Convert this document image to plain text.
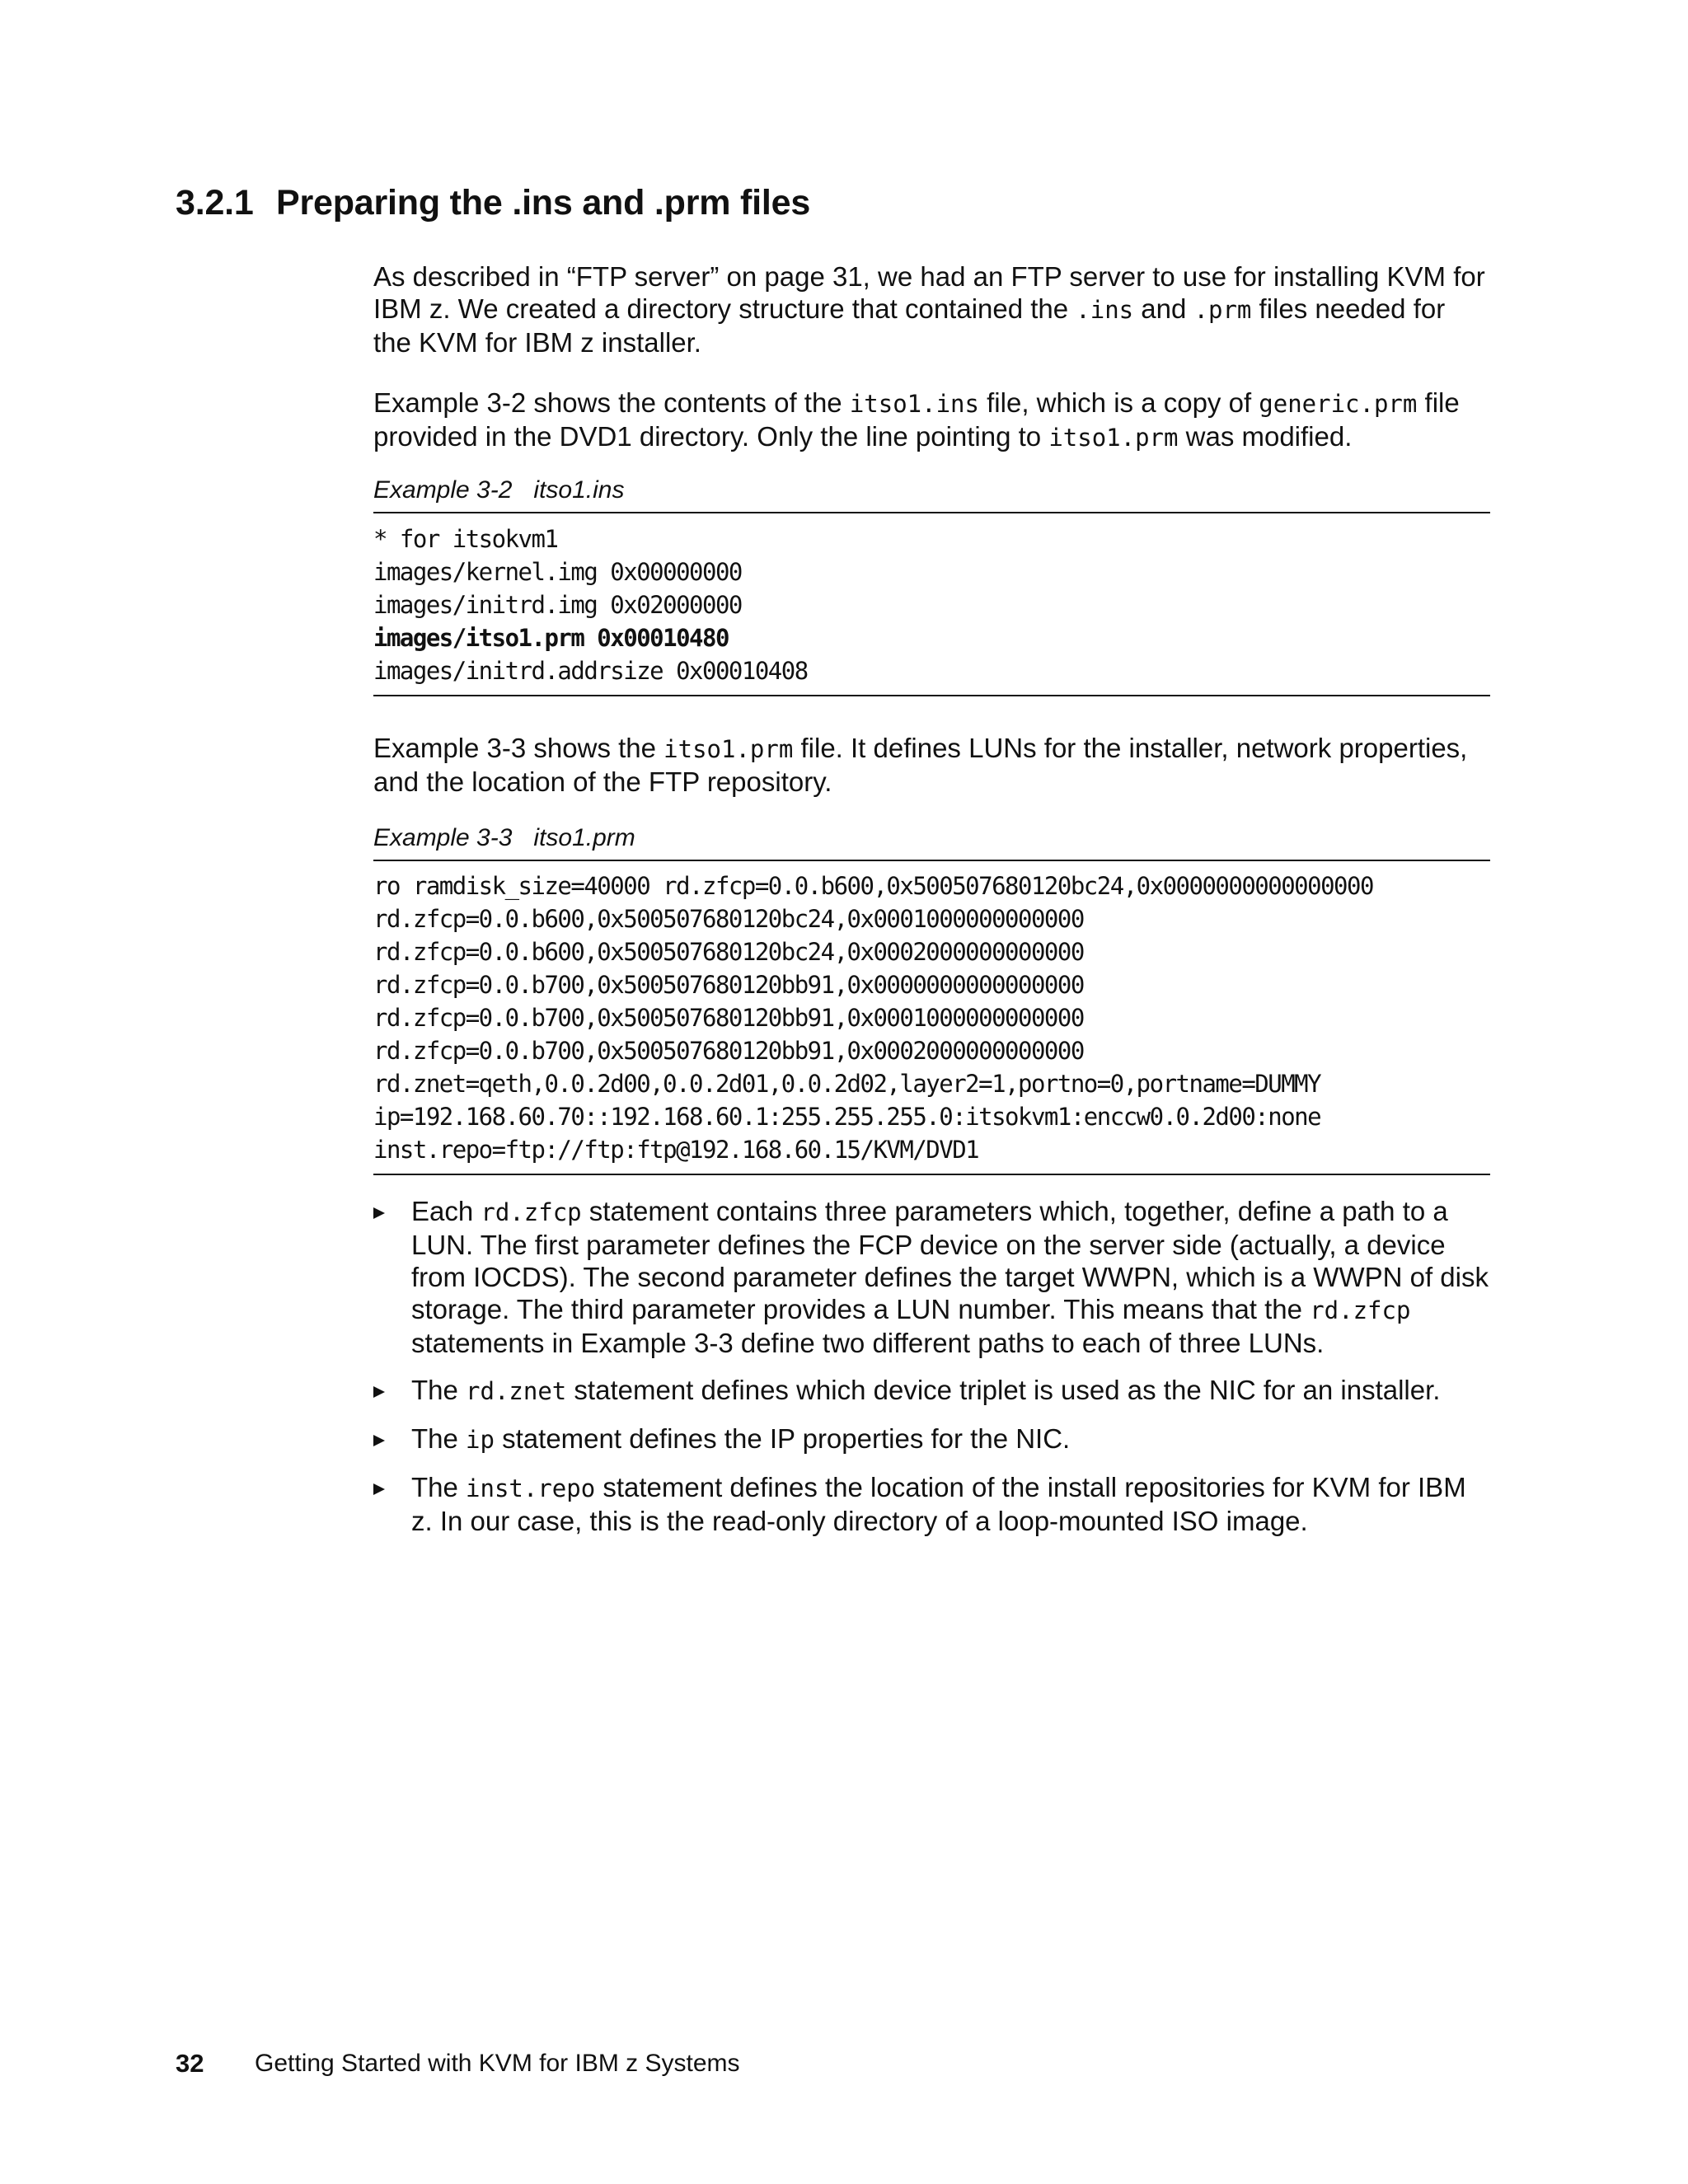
3.2.1 Preparing the .ins and .prm files

As described in “FTP server” on page 31, we had an FTP server to use for installing KVM for IBM z. We created a directory structure that contained the .ins and .prm files needed for the KVM for IBM z installer.

Example 3-2 shows the contents of the itso1.ins file, which is a copy of generic.prm file provided in the DVD1 directory. Only the line pointing to itso1.prm was modified.

Example 3-2 itso1.ins
* for itsokvm1
images/kernel.img 0x00000000
images/initrd.img 0x02000000
images/itso1.prm 0x00010480
images/initrd.addrsize 0x00010408

Example 3-3 shows the itso1.prm file. It defines LUNs for the installer, network properties, and the location of the FTP repository.

Example 3-3 itso1.prm
ro ramdisk_size=40000 rd.zfcp=0.0.b600,0x500507680120bc24,0x0000000000000000
rd.zfcp=0.0.b600,0x500507680120bc24,0x0001000000000000
rd.zfcp=0.0.b600,0x500507680120bc24,0x0002000000000000
rd.zfcp=0.0.b700,0x500507680120bb91,0x0000000000000000
rd.zfcp=0.0.b700,0x500507680120bb91,0x0001000000000000
rd.zfcp=0.0.b700,0x500507680120bb91,0x0002000000000000
rd.znet=qeth,0.0.2d00,0.0.2d01,0.0.2d02,layer2=1,portno=0,portname=DUMMY
ip=192.168.60.70::192.168.60.1:255.255.255.0:itsokvm1:enccw0.0.2d00:none
inst.repo=ftp://ftp:ftp@192.168.60.15/KVM/DVD1
Each rd.zfcp statement contains three parameters which, together, define a path to a LUN. The first parameter defines the FCP device on the server side (actually, a device from IOCDS). The second parameter defines the target WWPN, which is a WWPN of disk storage. The third parameter provides a LUN number. This means that the rd.zfcp statements in Example 3-3 define two different paths to each of three LUNs.
The rd.znet statement defines which device triplet is used as the NIC for an installer.
The ip statement defines the IP properties for the NIC.
The inst.repo statement defines the location of the install repositories for KVM for IBM z. In our case, this is the read-only directory of a loop-mounted ISO image.
32 Getting Started with KVM for IBM z Systems
